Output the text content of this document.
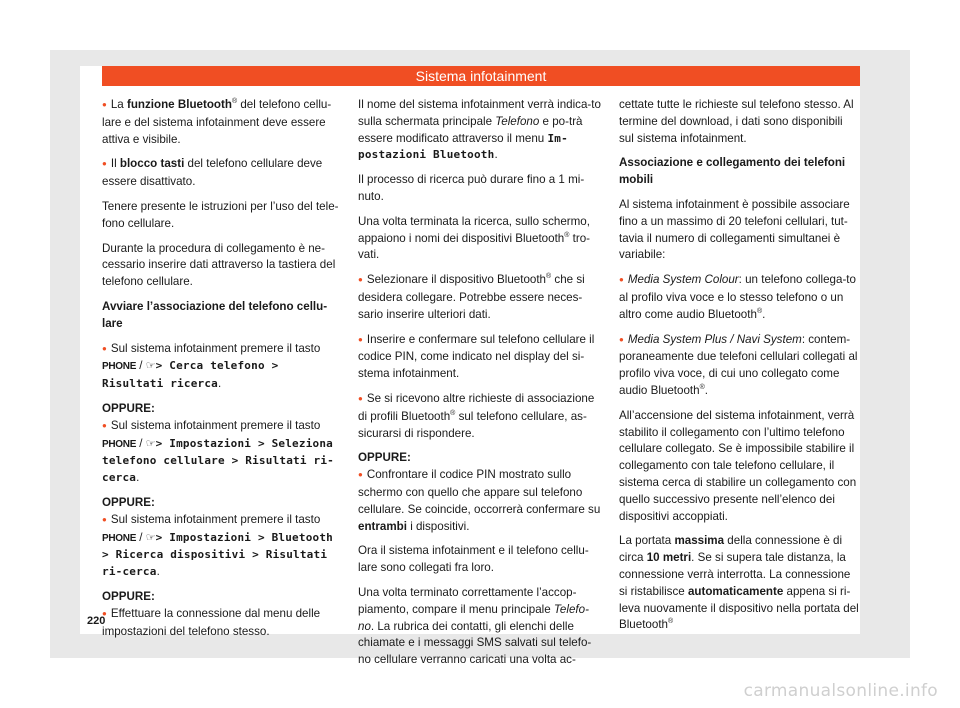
Sistema infotainment

● La funzione Bluetooth® del telefono cellu-lare e del sistema infotainment deve essere attiva e visibile.

● Il blocco tasti del telefono cellulare deve essere disattivato.

Tenere presente le istruzioni per l’uso del tele-fono cellulare.

Durante la procedura di collegamento è ne-cessario inserire dati attraverso la tastiera del telefono cellulare.

Avviare l’associazione del telefono cellu-lare

● Sul sistema infotainment premere il tasto
PHONE / ☞> Cerca telefono > Risultati ricerca.

OPPURE:

● Sul sistema infotainment premere il tasto
PHONE / ☞> Impostazioni > Seleziona telefono cellulare > Risultati ri-cerca.

OPPURE:

● Sul sistema infotainment premere il tasto
PHONE / ☞> Impostazioni > Bluetooth > Ricerca dispositivi > Risultati ri-cerca.

OPPURE:

● Effettuare la connessione dal menu delle impostazioni del telefono stesso.

Il nome del sistema infotainment verrà indica-to sulla schermata principale Telefono e po-trà essere modificato attraverso il menu Im-postazioni Bluetooth.

Il processo di ricerca può durare fino a 1 mi-nuto.

Una volta terminata la ricerca, sullo schermo, appaiono i nomi dei dispositivi Bluetooth® tro-vati.

● Selezionare il dispositivo Bluetooth® che si desidera collegare. Potrebbe essere neces-sario inserire ulteriori dati.

● Inserire e confermare sul telefono cellulare il codice PIN, come indicato nel display del si-stema infotainment.

● Se si ricevono altre richieste di associazione di profili Bluetooth® sul telefono cellulare, as-sicurarsi di rispondere.

OPPURE:

● Confrontare il codice PIN mostrato sullo schermo con quello che appare sul telefono cellulare. Se coincide, occorrerà confermare su entrambi i dispositivi.

Ora il sistema infotainment e il telefono cellu-lare sono collegati fra loro.

Una volta terminato correttamente l’accop-piamento, compare il menu principale Telefo-no. La rubrica dei contatti, gli elenchi delle chiamate e i messaggi SMS salvati sul telefo-no cellulare verranno caricati una volta ac-

cettate tutte le richieste sul telefono stesso. Al termine del download, i dati sono disponibili sul sistema infotainment.

Associazione e collegamento dei telefoni mobili

Al sistema infotainment è possibile associare fino a un massimo di 20 telefoni cellulari, tut-tavia il numero di collegamenti simultanei è variabile:

● Media System Colour: un telefono collega-to al profilo viva voce e lo stesso telefono o un altro come audio Bluetooth®.

● Media System Plus / Navi System: contem-poraneamente due telefoni cellulari collegati al profilo viva voce, di cui uno collegato come audio Bluetooth®.

All’accensione del sistema infotainment, verrà stabilito il collegamento con l’ultimo telefono cellulare collegato. Se è impossibile stabilire il collegamento con tale telefono cellulare, il sistema cerca di stabilire un collegamento con quello successivo presente nell’elenco dei dispositivi accoppiati.

La portata massima della connessione è di circa 10 metri. Se si supera tale distanza, la connessione verrà interrotta. La connessione si ristabilisce automaticamente appena si ri-leva nuovamente il dispositivo nella portata del Bluetooth®

220
carmanualsonline.info
